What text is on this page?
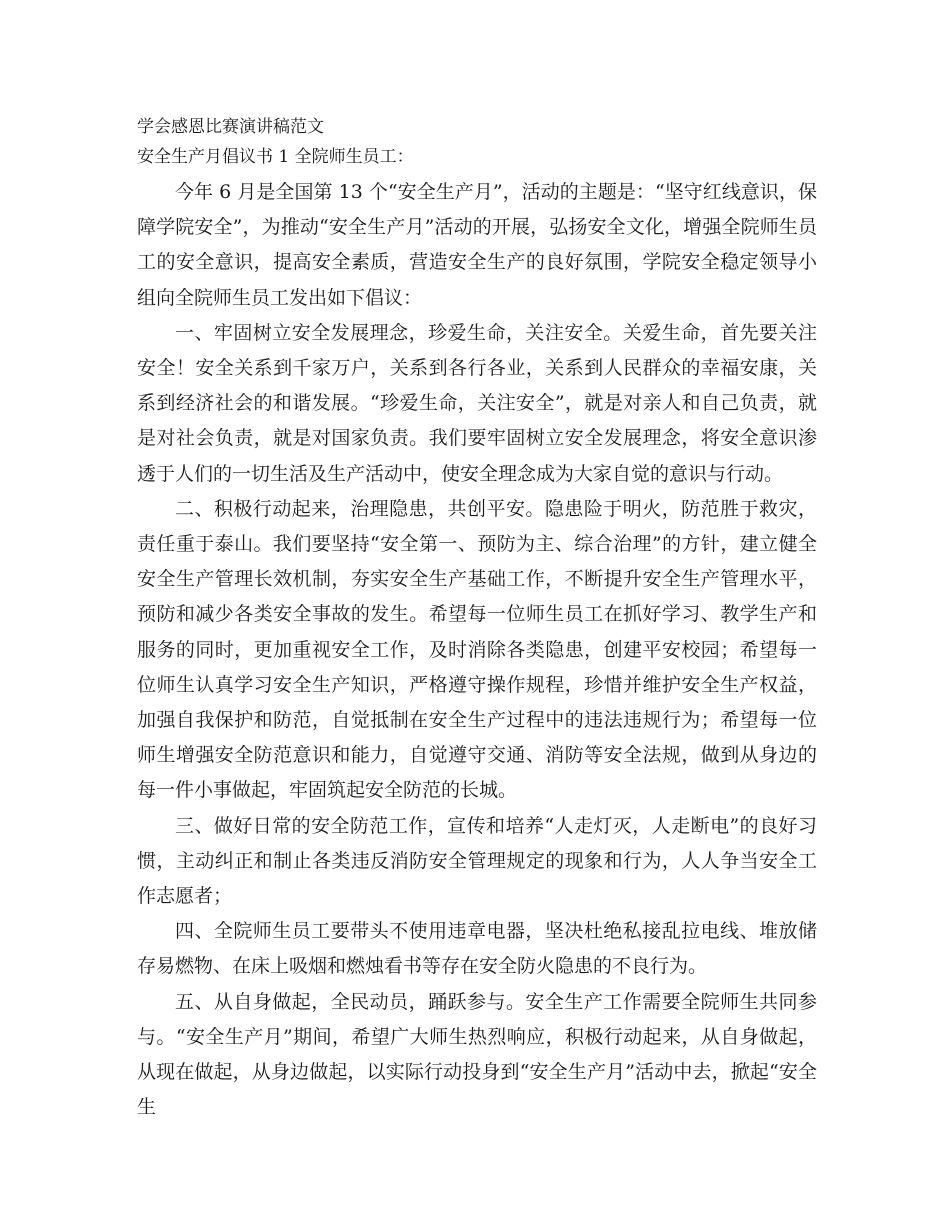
学会感恩比赛演讲稿范文
安全生产月倡议书 1 全院师生员工：

今年 6 月是全国第 13 个“安全生产月”，活动的主题是：“坚守红线意识，保障学院安全”，为推动“安全生产月”活动的开展，弘扬安全文化，增强全院师生员工的安全意识，提高安全素质，营造安全生产的良好氛围，学院安全稳定领导小组向全院师生员工发出如下倡议：

一、牢固树立安全发展理念，珍爱生命，关注安全。关爱生命，首先要关注安全！安全关系到千家万户，关系到各行各业，关系到人民群众的幸福安康，关系到经济社会的和谐发展。“珍爱生命，关注安全”，就是对亲人和自己负责，就是对社会负责，就是对国家负责。我们要牢固树立安全发展理念，将安全意识渗透于人们的一切生活及生产活动中，使安全理念成为大家自觉的意识与行动。

二、积极行动起来，治理隐患，共创平安。隐患险于明火，防范胜于救灾，责任重于泰山。我们要坚持“安全第一、预防为主、综合治理”的方针，建立健全安全生产管理长效机制，夯实安全生产基础工作，不断提升安全生产管理水平，预防和减少各类安全事故的发生。希望每一位师生员工在抓好学习、教学生产和服务的同时，更加重视安全工作，及时消除各类隐患，创建平安校园；希望每一位师生认真学习安全生产知识，严格遵守操作规程，珍惜并维护安全生产权益，加强自我保护和防范，自觉抵制在安全生产过程中的违法违规行为；希望每一位师生增强安全防范意识和能力，自觉遵守交通、消防等安全法规，做到从身边的每一件小事做起，牢固筑起安全防范的长城。

三、做好日常的安全防范工作，宣传和培养“人走灯灭，人走断电”的良好习惯，主动纠正和制止各类违反消防安全管理规定的现象和行为，人人争当安全工作志愿者；

四、全院师生员工要带头不使用违章电器，坚决杜绝私接乱拉电线、堆放储存易燃物、在床上吸烟和燃烛看书等存在安全防火隐患的不良行为。

五、从自身做起，全民动员，踊跃参与。安全生产工作需要全院师生共同参与。“安全生产月”期间，希望广大师生热烈响应，积极行动起来，从自身做起，从现在做起，从身边做起，以实际行动投身到“安全生产月”活动中去，掀起“安全生
